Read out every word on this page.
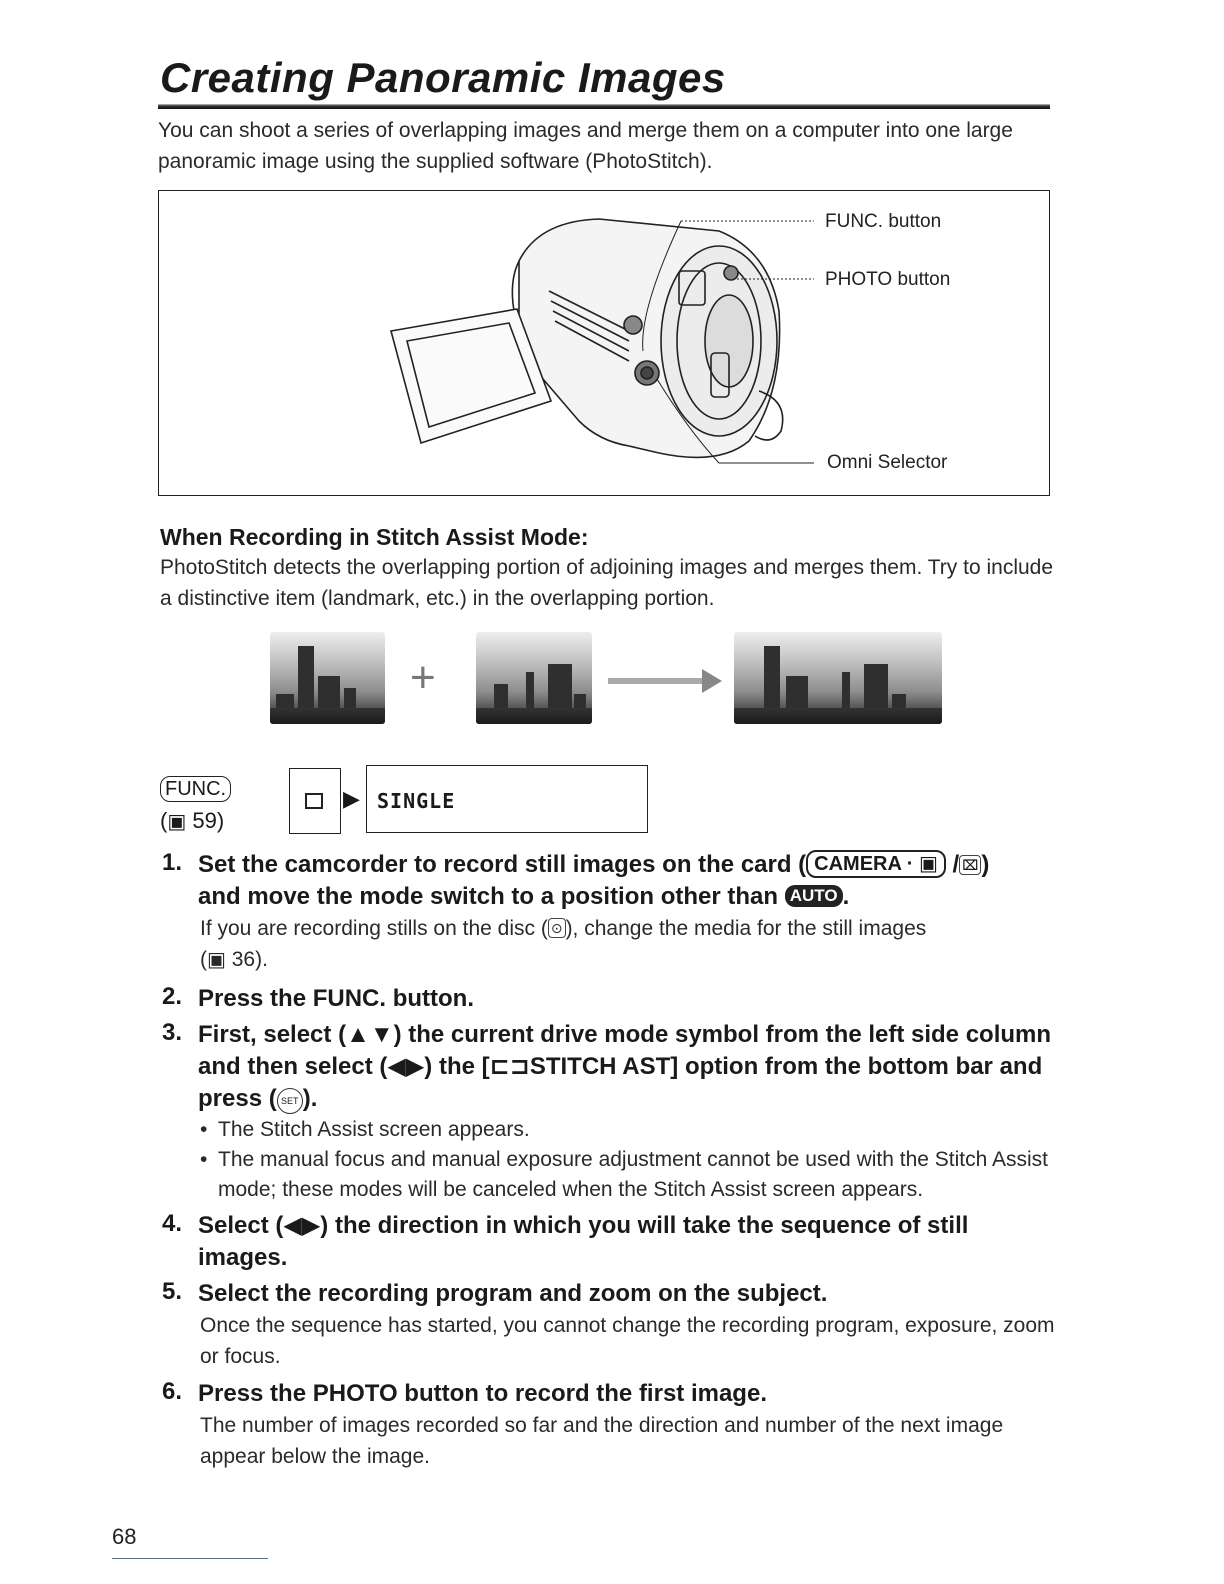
Creating Panoramic Images
You can shoot a series of overlapping images and merge them on a computer into one large panoramic image using the supplied software (PhotoStitch).
FUNC. button
PHOTO button
Omni Selector
When Recording in Stitch Assist Mode:
PhotoStitch detects the overlapping portion of adjoining images and merges them. Try to include a distinctive item (landmark, etc.) in the overlapping portion.
+
FUNC.
(▣ 59)
▶ SINGLE
1. Set the camcorder to record still images on the card ( CAMERA · ▣ / ⌧ )
and move the mode switch to a position other than AUTO .
If you are recording stills on the disc ( ⊙ ), change the media for the still images
(▣ 36).
2. Press the FUNC. button.
3. First, select (▲▼) the current drive mode symbol from the left side column and then select (◀▶) the [⊏⊐STITCH AST] option from the bottom bar and press ( SET ).
• The Stitch Assist screen appears.
• The manual focus and manual exposure adjustment cannot be used with the Stitch Assist mode; these modes will be canceled when the Stitch Assist screen appears.
4. Select (◀▶) the direction in which you will take the sequence of still images.
5. Select the recording program and zoom on the subject.
Once the sequence has started, you cannot change the recording program, exposure, zoom or focus.
6. Press the PHOTO button to record the first image.
The number of images recorded so far and the direction and number of the next image appear below the image.
68
